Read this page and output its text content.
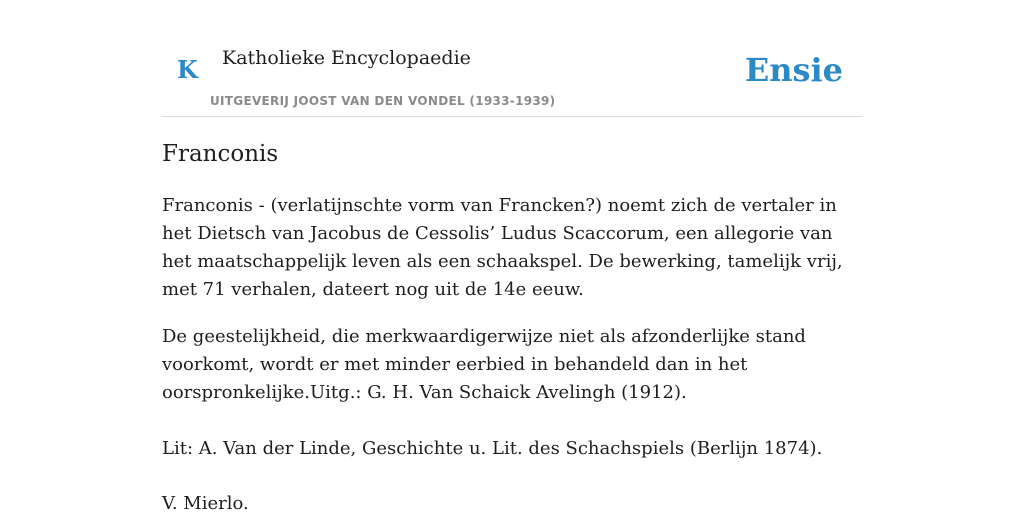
K Katholieke Encyclopaedie
UITGEVERIJ JOOST VAN DEN VONDEL (1933-1939)
Ensie
Franconis

Franconis - (verlatijnschte vorm van Francken?) noemt zich de vertaler in het Dietsch van Jacobus de Cessolis’ Ludus Scaccorum, een allegorie van het maatschappelijk leven als een schaakspel. De bewerking, tamelijk vrij, met 71 verhalen, dateert nog uit de 14e eeuw.

De geestelijkheid, die merkwaardigerwijze niet als afzonderlijke stand voorkomt, wordt er met minder eerbied in behandeld dan in het oorspronkelijke.Uitg.: G. H. Van Schaick Avelingh (1912).

Lit: A. Van der Linde, Geschichte u. Lit. des Schachspiels (Berlijn 1874).

V. Mierlo.
